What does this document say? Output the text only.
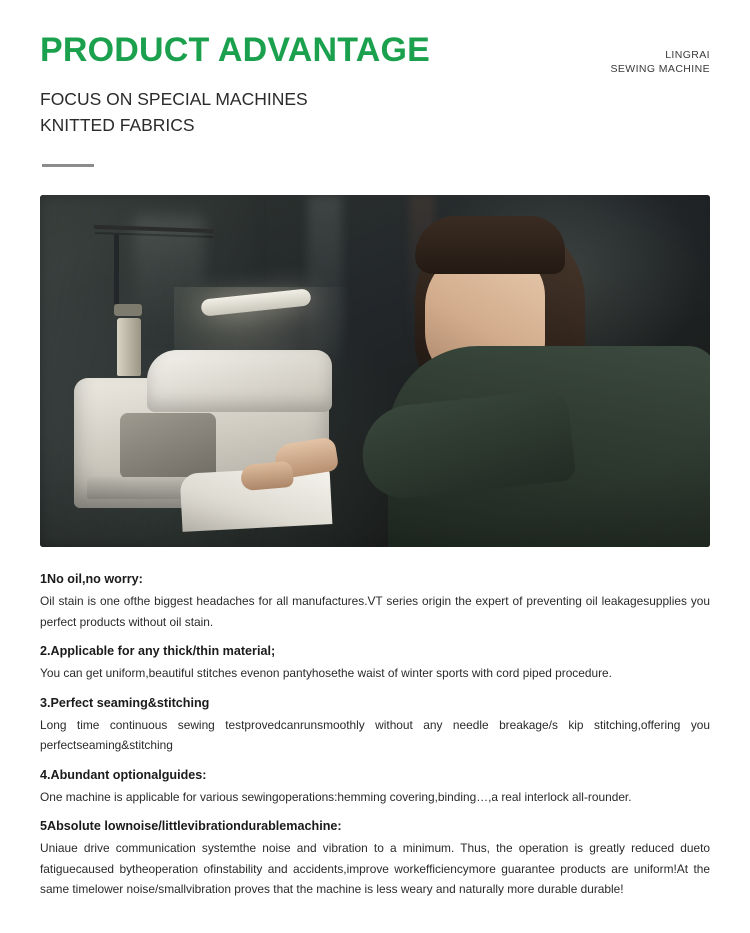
LINGRAI
SEWING MACHINE
PRODUCT ADVANTAGE
FOCUS ON SPECIAL MACHINES
KNITTED FABRICS
1No oil,no worry:
Oil stain is one ofthe biggest headaches for all manufactures.VT series origin the expert of preventing oil leakagesupplies you perfect products without oil stain.
2.Applicable for any thick/thin material;
You can get uniform,beautiful stitches evenon pantyhosethe waist of winter sports with cord piped procedure.
3.Perfect seaming&stitching
Long time continuous sewing testprovedcanrunsmoothly without any needle breakage/s kip stitching,offering you perfectseaming&stitching
4.Abundant optionalguides:
One machine is applicable for various sewingoperations:hemming covering,binding…,a real interlock all-rounder.
5Absolute lownoise/littlevibrationdurablemachine:
Uniaue drive communication systemthe noise and vibration to a minimum. Thus, the operation is greatly reduced dueto fatiguecaused bytheoperation ofinstability and accidents,improve workefficiencymore guarantee products are uniform!At the same timelower noise/smallvibration proves that the machine is less weary and naturally more durable durable!
